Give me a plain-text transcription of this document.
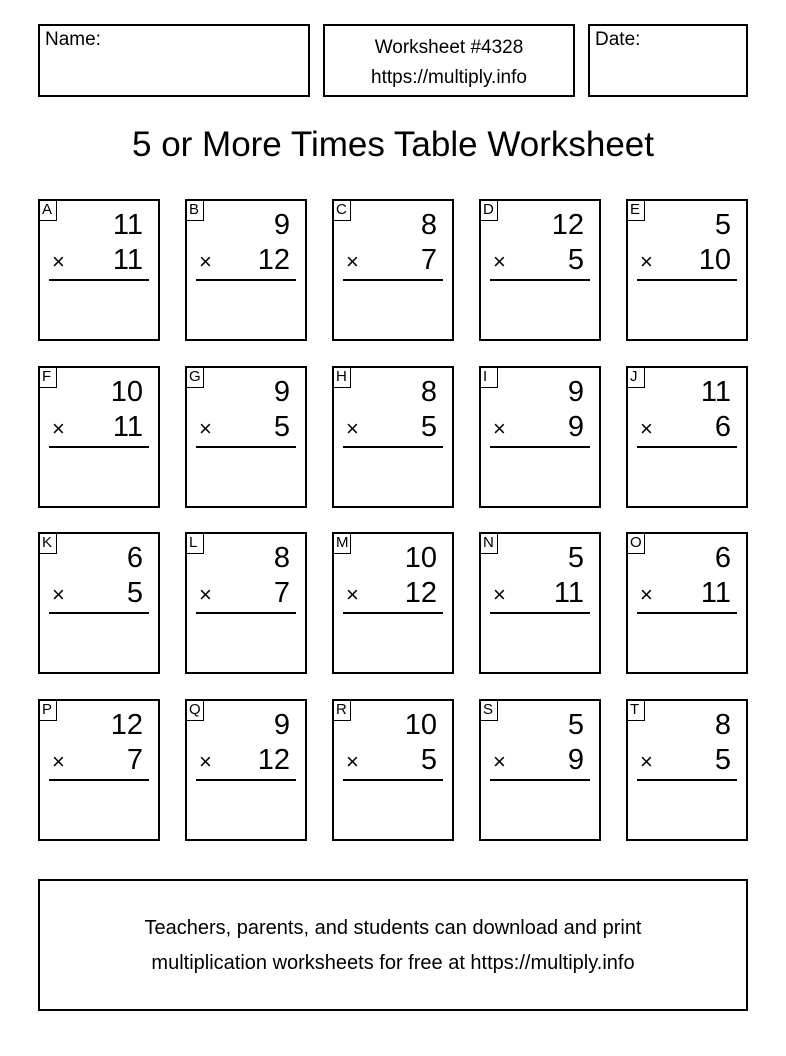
Name:	Worksheet #4328
https://multiply.info
Date:
5 or More Times Table Worksheet
A 11
× 11
B	9
× 12
C	8
× 7
D 12
× 5
E	5
× 10
F 10
× 11
G	9
× 5
H	8
× 5
I	9
× 9
J 11
× 6
K	6
× 5
L	8
× 7
M 10
× 12
N	5
× 11
O	6
× 11
P 12
× 7
Q	9
× 12
R 10
× 5
S	5
× 9
T	8
× 5
Teachers, parents, and students can download and print
multiplication worksheets for free at https://multiply.info
